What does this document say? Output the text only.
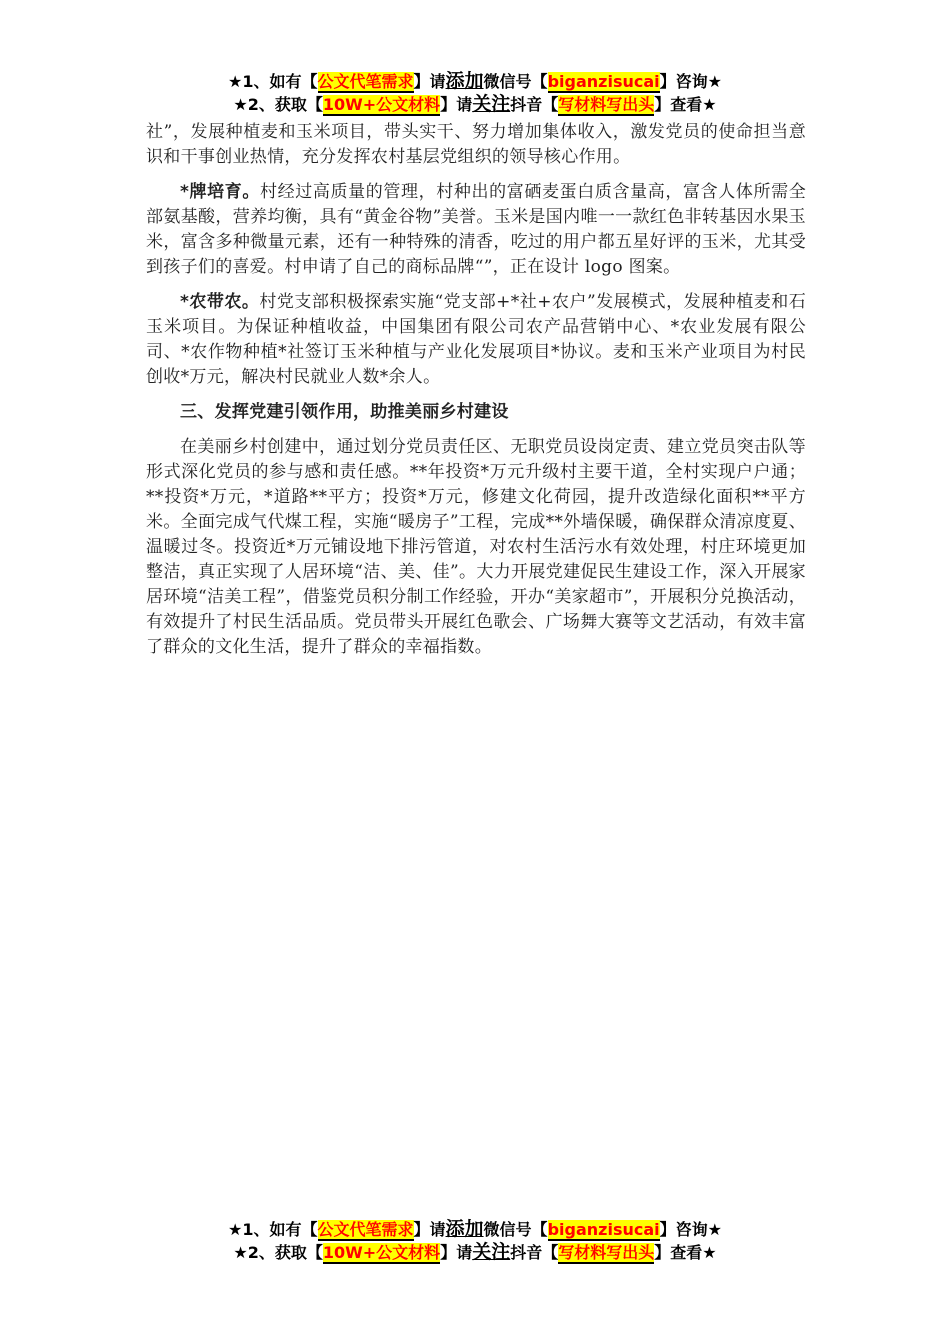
★1、如有【公文代笔需求】请添加微信号【biganzisucai】咨询★
★2、获取【10W+公文材料】请关注抖音【写材料写出头】查看★

社”，发展种植麦和玉米项目，带头实干、努力增加集体收入，激发党员的使命担当意识和干事创业热情，充分发挥农村基层党组织的领导核心作用。

*牌培育。村经过高质量的管理，村种出的富硒麦蛋白质含量高，富含人体所需全部氨基酸，营养均衡，具有“黄金谷物”美誉。玉米是国内唯一一款红色非转基因水果玉米，富含多种微量元素，还有一种特殊的清香，吃过的用户都五星好评的玉米，尤其受到孩子们的喜爱。村申请了自己的商标品牌“”，正在设计 logo 图案。

*农带农。村党支部积极探索实施“党支部+*社+农户”发展模式，发展种植麦和石玉米项目。为保证种植收益，中国集团有限公司农产品营销中心、*农业发展有限公司、*农作物种植*社签订玉米种植与产业化发展项目*协议。麦和玉米产业项目为村民创收*万元，解决村民就业人数*余人。

三、发挥党建引领作用，助推美丽乡村建设

在美丽乡村创建中，通过划分党员责任区、无职党员设岗定责、建立党员突击队等形式深化党员的参与感和责任感。**年投资*万元升级村主要干道，全村实现户户通；**投资*万元，*道路**平方；投资*万元，修建文化荷园，提升改造绿化面积**平方米。全面完成气代煤工程，实施“暖房子”工程，完成**外墙保暖，确保群众清凉度夏、温暖过冬。投资近*万元铺设地下排污管道，对农村生活污水有效处理，村庄环境更加整洁，真正实现了人居环境“洁、美、佳”。大力开展党建促民生建设工作，深入开展家居环境“洁美工程”，借鉴党员积分制工作经验，开办“美家超市”，开展积分兑换活动，有效提升了村民生活品质。党员带头开展红色歌会、广场舞大赛等文艺活动，有效丰富了群众的文化生活，提升了群众的幸福指数。

★1、如有【公文代笔需求】请添加微信号【biganzisucai】咨询★
★2、获取【10W+公文材料】请关注抖音【写材料写出头】查看★
